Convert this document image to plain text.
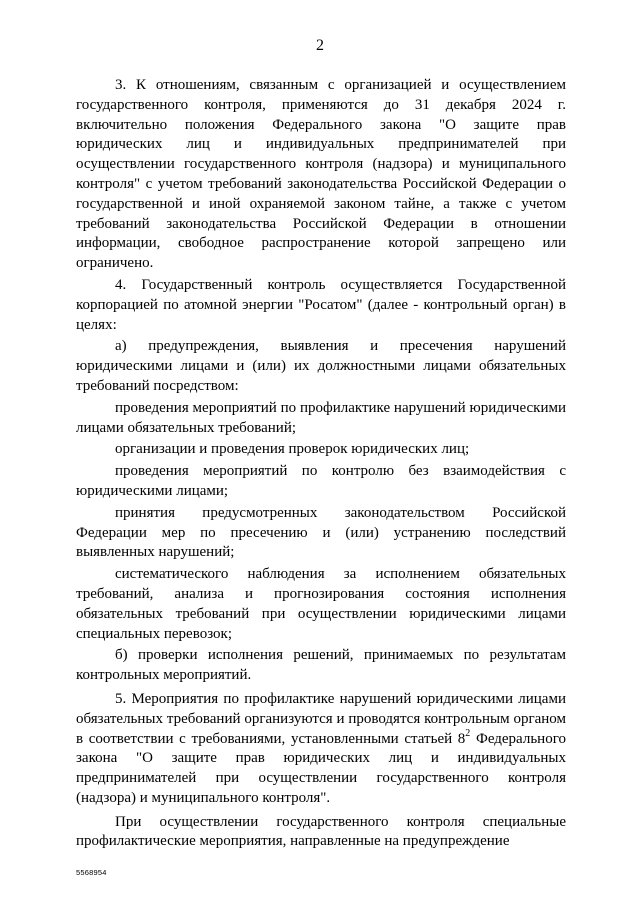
2

3. К отношениям, связанным с организацией и осуществлением государственного контроля, применяются до 31 декабря 2024 г. включительно положения Федерального закона "О защите прав юридических лиц и индивидуальных предпринимателей при осуществлении государственного контроля (надзора) и муниципального контроля" с учетом требований законодательства Российской Федерации о государственной и иной охраняемой законом тайне, а также с учетом требований законодательства Российской Федерации в отношении информации, свободное распространение которой запрещено или ограничено.

4. Государственный контроль осуществляется Государственной корпорацией по атомной энергии "Росатом" (далее - контрольный орган) в целях:

а) предупреждения, выявления и пресечения нарушений юридическими лицами и (или) их должностными лицами обязательных требований посредством:

проведения мероприятий по профилактике нарушений юридическими лицами обязательных требований;

организации и проведения проверок юридических лиц;

проведения мероприятий по контролю без взаимодействия с юридическими лицами;

принятия предусмотренных законодательством Российской Федерации мер по пресечению и (или) устранению последствий выявленных нарушений;

систематического наблюдения за исполнением обязательных требований, анализа и прогнозирования состояния исполнения обязательных требований при осуществлении юридическими лицами специальных перевозок;

б) проверки исполнения решений, принимаемых по результатам контрольных мероприятий.

5. Мероприятия по профилактике нарушений юридическими лицами обязательных требований организуются и проводятся контрольным органом в соответствии с требованиями, установленными статьей $8^2$ Федерального закона "О защите прав юридических лиц и индивидуальных предпринимателей при осуществлении государственного контроля (надзора) и муниципального контроля".

При осуществлении государственного контроля специальные профилактические мероприятия, направленные на предупреждение

5568954
